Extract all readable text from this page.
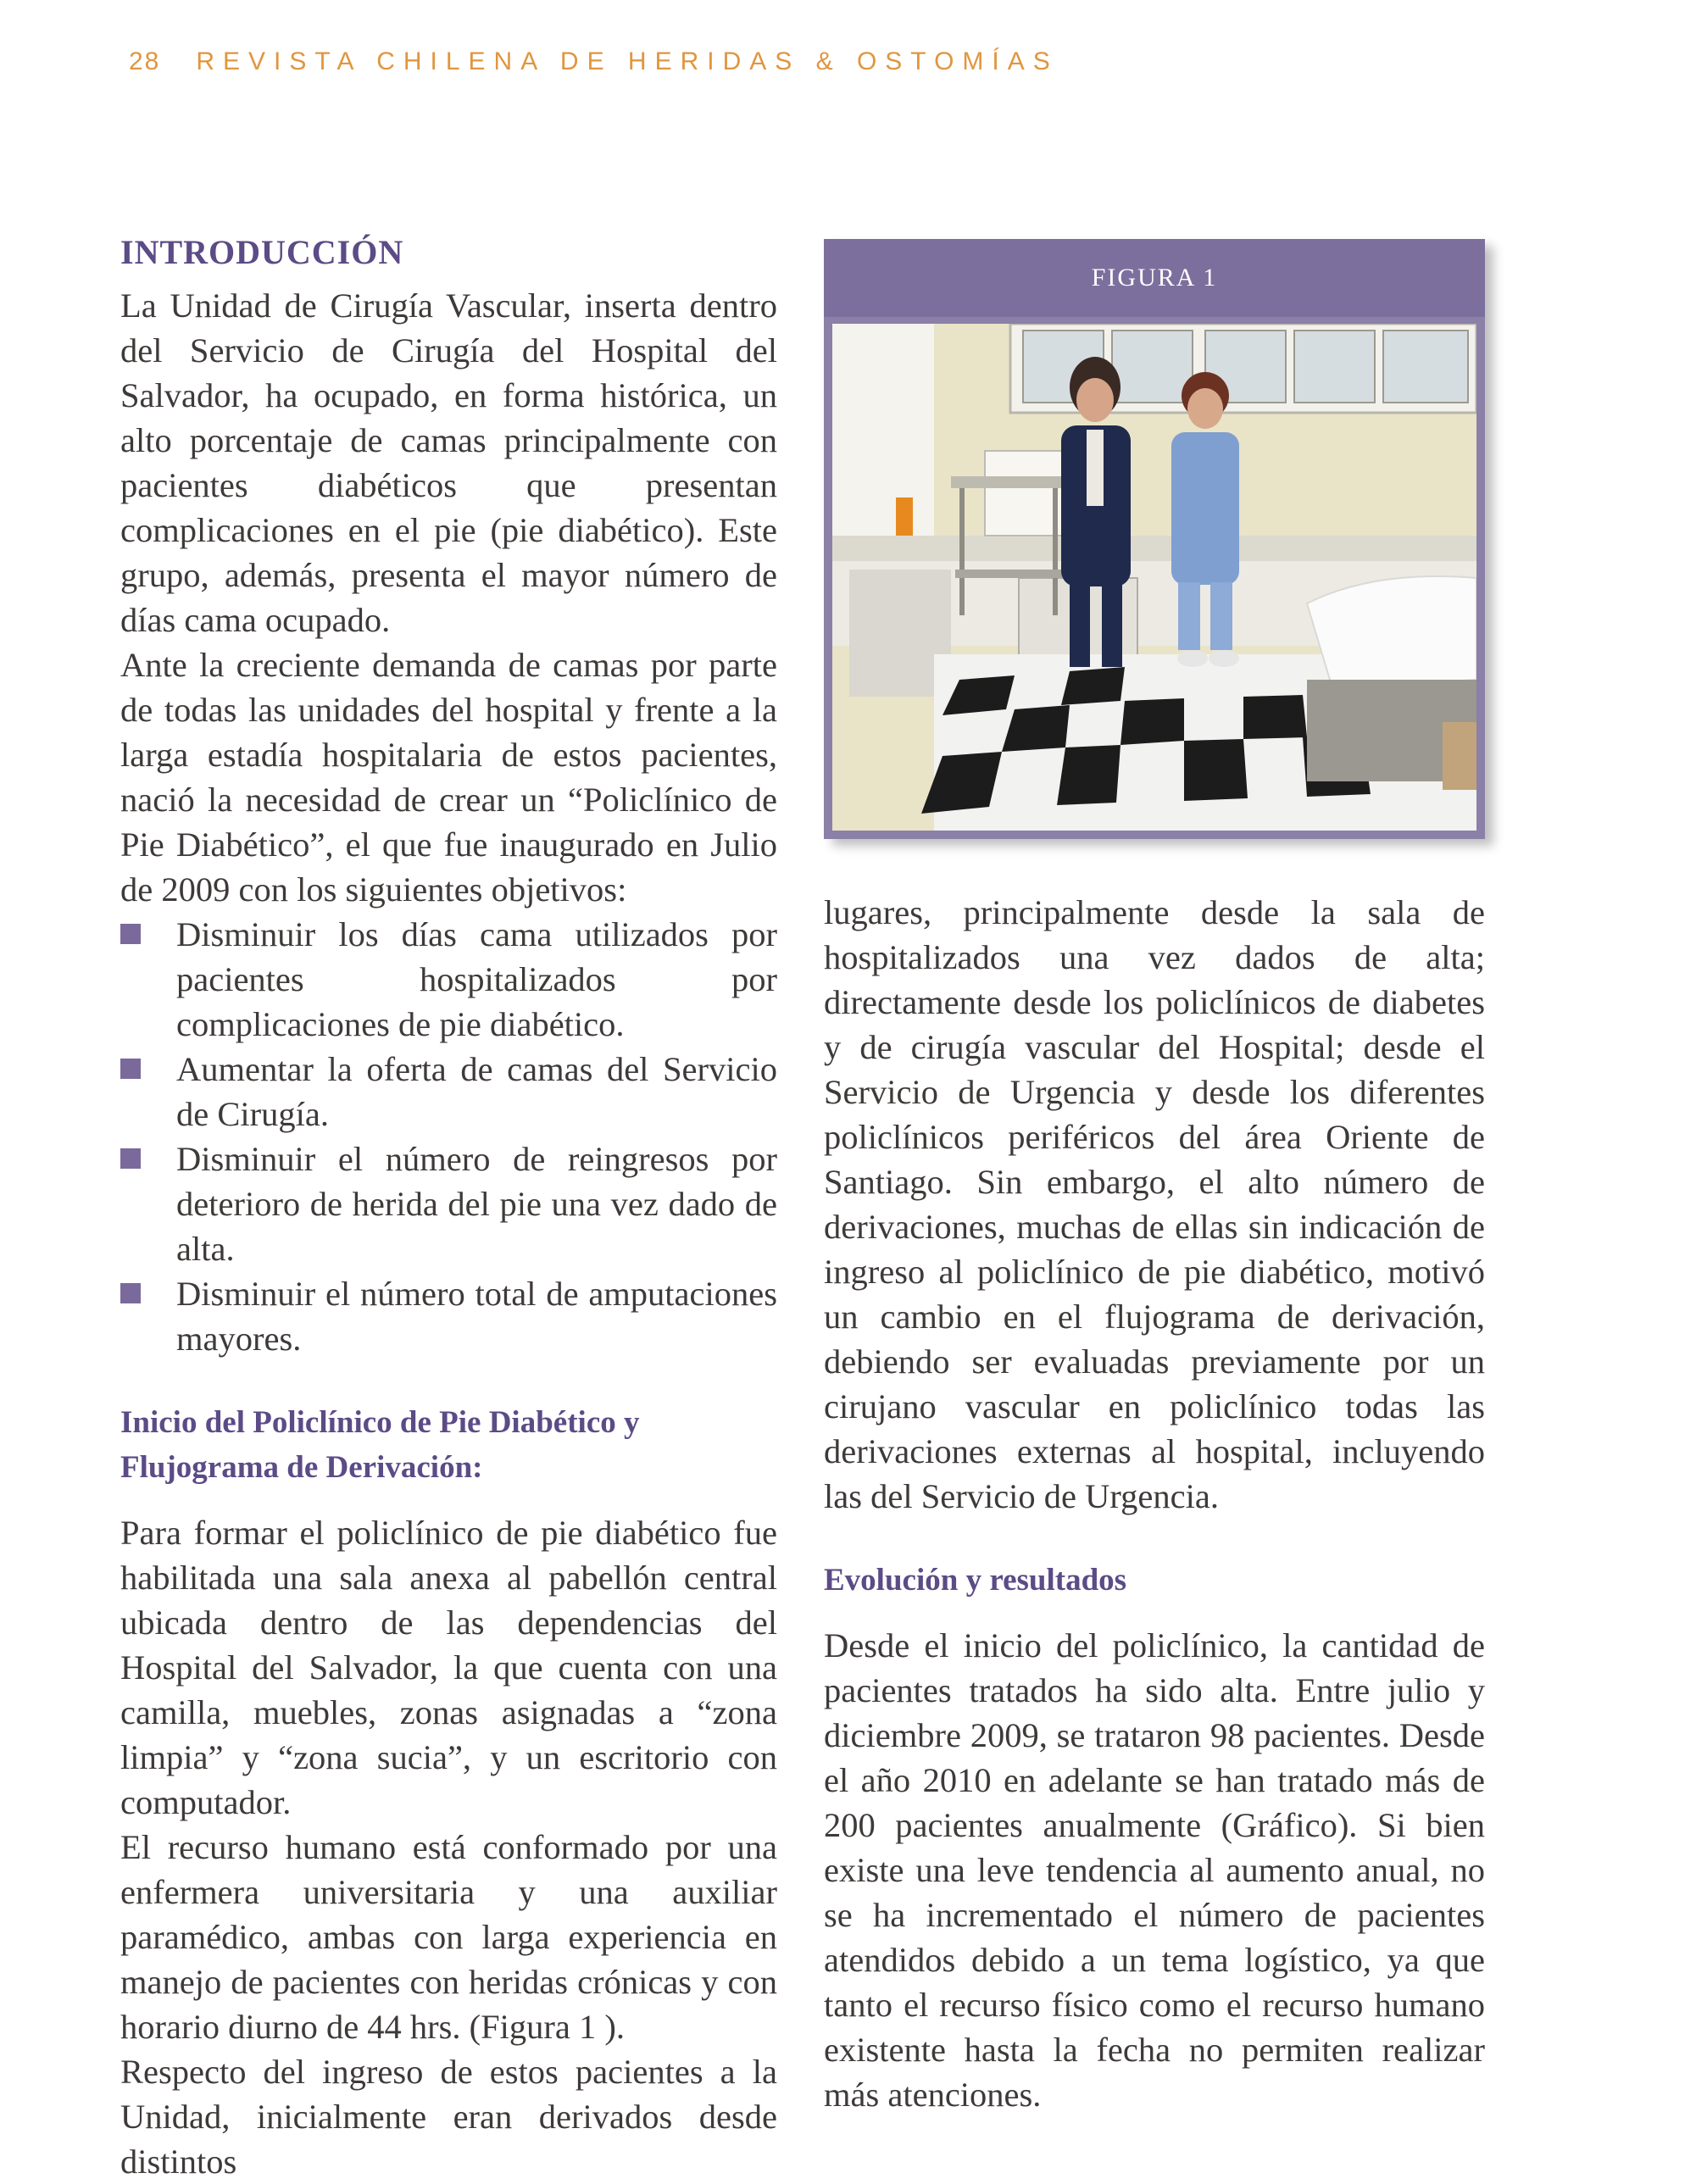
28 REVISTA CHILENA DE HERIDAS & OSTOMÍAS
INTRODUCCIÓN

La Unidad de Cirugía Vascular, inserta dentro del Servicio de Cirugía del Hospital del Salvador, ha ocupado, en forma histórica, un alto porcentaje de camas principalmente con pacientes diabéticos que presentan complicaciones en el pie (pie diabético). Este grupo, además, presenta el mayor número de días cama ocupado.

Ante la creciente demanda de camas por parte de todas las unidades del hospital y frente a la larga estadía hospitalaria de estos pacientes, nació la necesidad de crear un “Policlínico de Pie Diabético”, el que fue inaugurado en Julio de 2009 con los siguientes objetivos:

Disminuir los días cama utilizados por pacientes hospitalizados por complicaciones de pie diabético.
Aumentar la oferta de camas del Servicio de Cirugía.
Disminuir el número de reingresos por deterioro de herida del pie una vez dado de alta.
Disminuir el número total de amputaciones mayores.
Inicio del Policlínico de Pie Diabético y
Flujograma de Derivación:

Para formar el policlínico de pie diabético fue habilitada una sala anexa al pabellón central ubicada dentro de las dependencias del Hospital del Salvador, la que cuenta con una camilla, muebles, zonas asignadas a “zona limpia” y “zona sucia”, y un escritorio con computador.

El recurso humano está conformado por una enfermera universitaria y una auxiliar paramédico, ambas con larga experiencia en manejo de pacientes con heridas crónicas y con horario diurno de 44 hrs. (Figura 1 ).

Respecto del ingreso de estos pacientes a la Unidad, inicialmente eran derivados desde distintos

FIGURA 1

lugares, principalmente desde la sala de hospitalizados una vez dados de alta; directamente desde los policlínicos de diabetes y de cirugía vascular del Hospital; desde el Servicio de Urgencia y desde los diferentes policlínicos periféricos del área Oriente de Santiago. Sin embargo, el alto número de derivaciones, muchas de ellas sin indicación de ingreso al policlínico de pie diabético, motivó un cambio en el flujograma de derivación, debiendo ser evaluadas previamente por un cirujano vascular en policlínico todas las derivaciones externas al hospital, incluyendo las del Servicio de Urgencia.

Evolución y resultados

Desde el inicio del policlínico, la cantidad de pacientes tratados ha sido alta. Entre julio y diciembre 2009, se trataron 98 pacientes. Desde el año 2010 en adelante se han tratado más de 200 pacientes anualmente (Gráfico). Si bien existe una leve tendencia al aumento anual, no se ha incrementado el número de pacientes atendidos debido a un tema logístico, ya que tanto el recurso físico como el recurso humano existente hasta la fecha no permiten realizar más atenciones.
